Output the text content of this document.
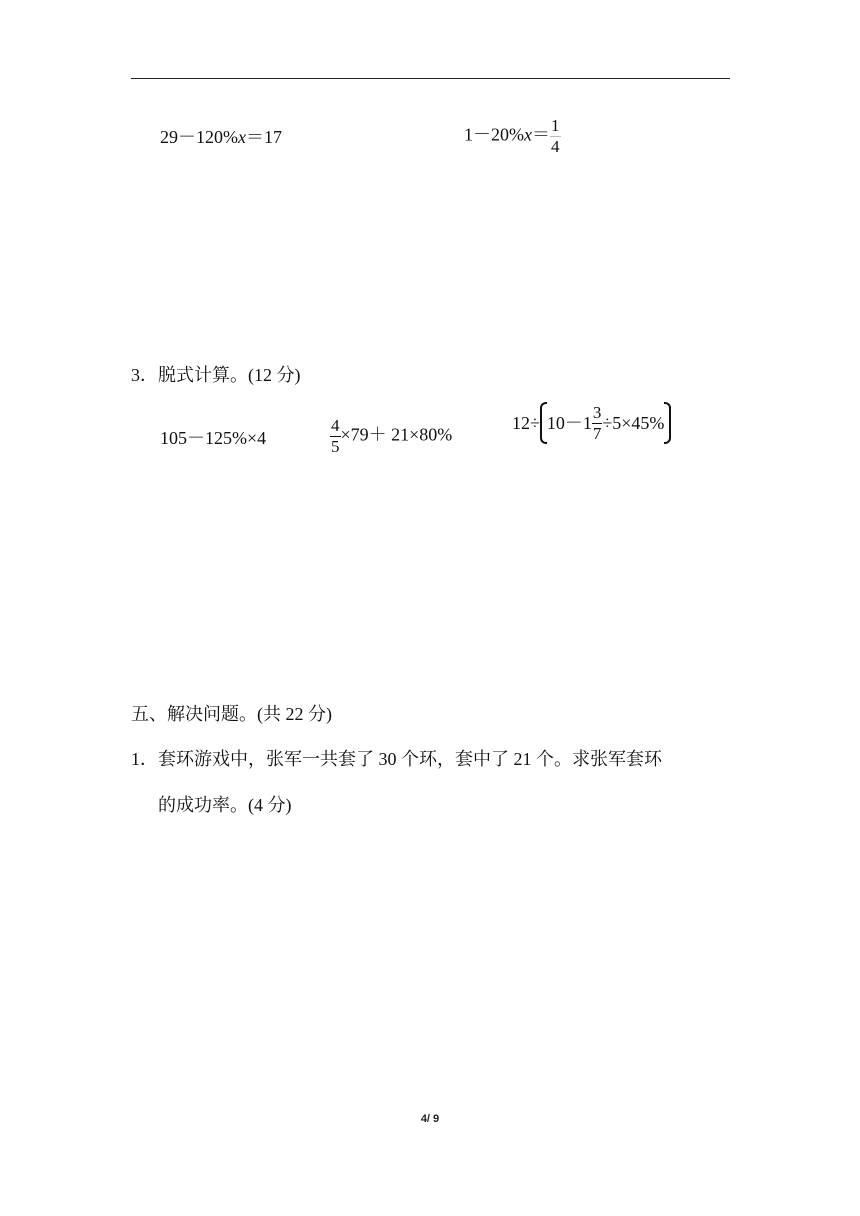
29－120%x＝17	$1-20\%x= \frac{1}{4}$
3．脱式计算。(12 分)
105－125%×4	$\frac{4}{5} \times 79+ 21\times 80\%$
$12\div 10-1 \frac{3}{7} \div 5\times 45\%$
五、解决问题。(共 22 分)
1．套环游戏中，张军一共套了 30 个环，套中了 21 个。求张军套环
的成功率。(4 分)
4/ 9
